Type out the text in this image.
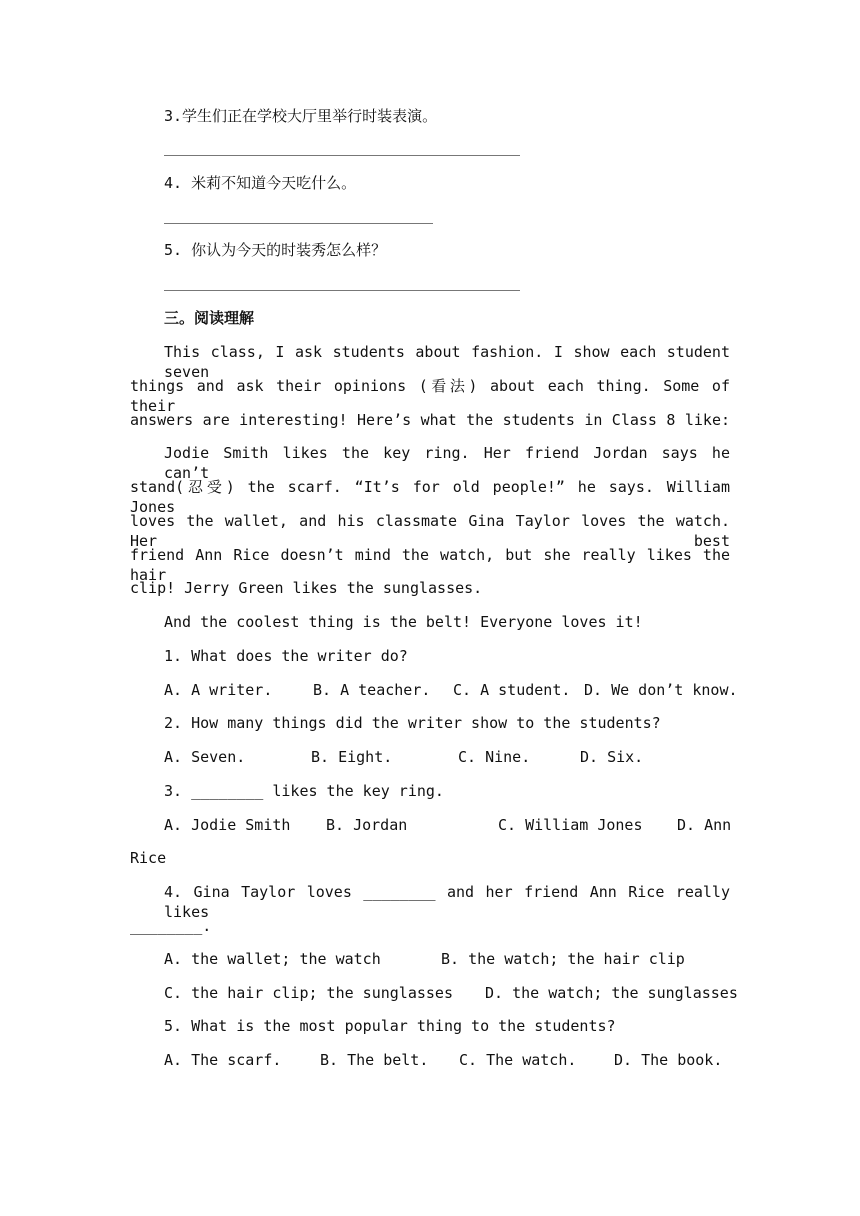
3.学生们正在学校大厅里举行时装表演。
4. 米莉不知道今天吃什么。
5. 你认为今天的时装秀怎么样？
三。阅读理解
This class, I ask students about fashion. I show each student seven
things and ask their opinions (看法) about each thing. Some of their
answers are interesting! Here’s what the students in Class 8 like:
Jodie Smith likes the key ring. Her friend Jordan says he can’t
stand(忍受) the scarf. “It’s for old people!” he says. William Jones
loves the wallet, and his classmate Gina Taylor loves the watch. Her best
friend Ann Rice doesn’t mind the watch, but she really likes the hair
clip! Jerry Green likes the sunglasses.
And the coolest thing is the belt! Everyone loves it!
1. What does the writer do?
A. A writer.	B. A teacher. C. A student. D. We don’t know.
2. How many things did the writer show to the students?
A. Seven.	B. Eight.	C. Nine.	D. Six.
3. ________ likes the key ring.
A. Jodie Smith B. Jordan	C. William Jones D. Ann
Rice
4. Gina Taylor loves ________ and her friend Ann Rice really likes
________.
A. the wallet; the watch	B. the watch; the hair clip
C. the hair clip; the sunglasses D. the watch; the sunglasses
5. What is the most popular thing to the students?
A. The scarf.	B. The belt. C. The watch.	D. The book.
